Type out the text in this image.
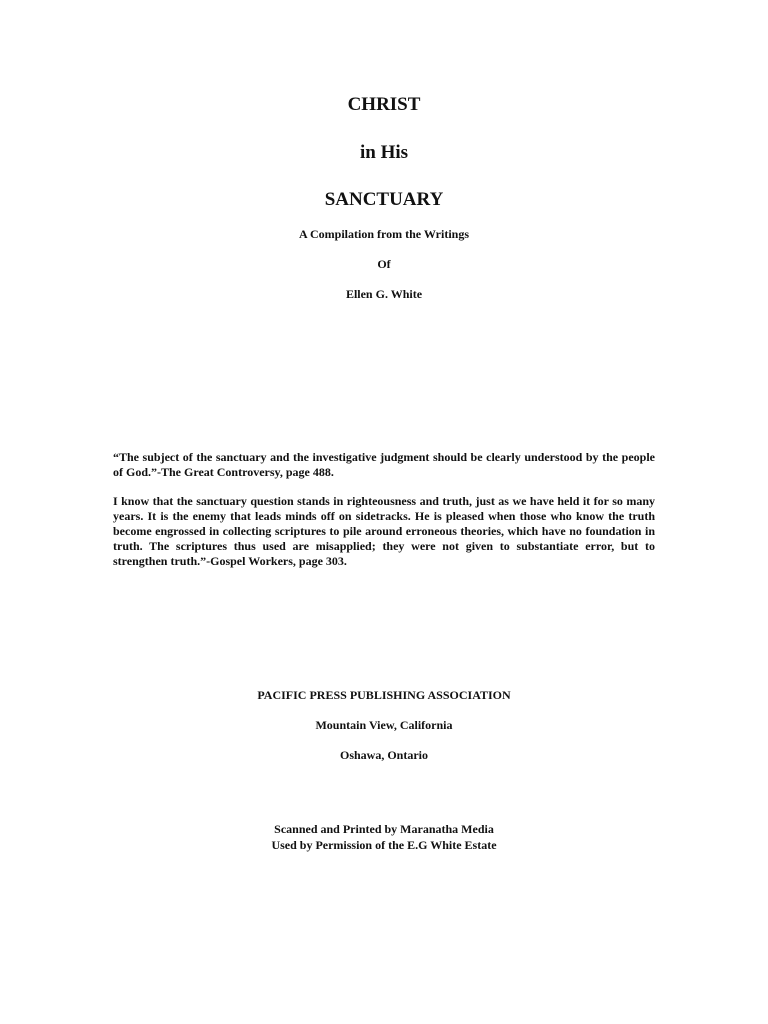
CHRIST
in His
SANCTUARY
A Compilation from the Writings
Of
Ellen G. White
“The subject of the sanctuary and the investigative judgment should be clearly understood by the people of God.”-The Great Controversy, page 488.
I know that the sanctuary question stands in righteousness and truth, just as we have held it for so many years. It is the enemy that leads minds off on sidetracks. He is pleased when those who know the truth become engrossed in collecting scriptures to pile around erroneous theories, which have no foundation in truth. The scriptures thus used are misapplied; they were not given to substantiate error, but to strengthen truth.”-Gospel Workers, page 303.
PACIFIC PRESS PUBLISHING ASSOCIATION
Mountain View, California
Oshawa, Ontario
Scanned and Printed by Maranatha Media
Used by Permission of the E.G White Estate
